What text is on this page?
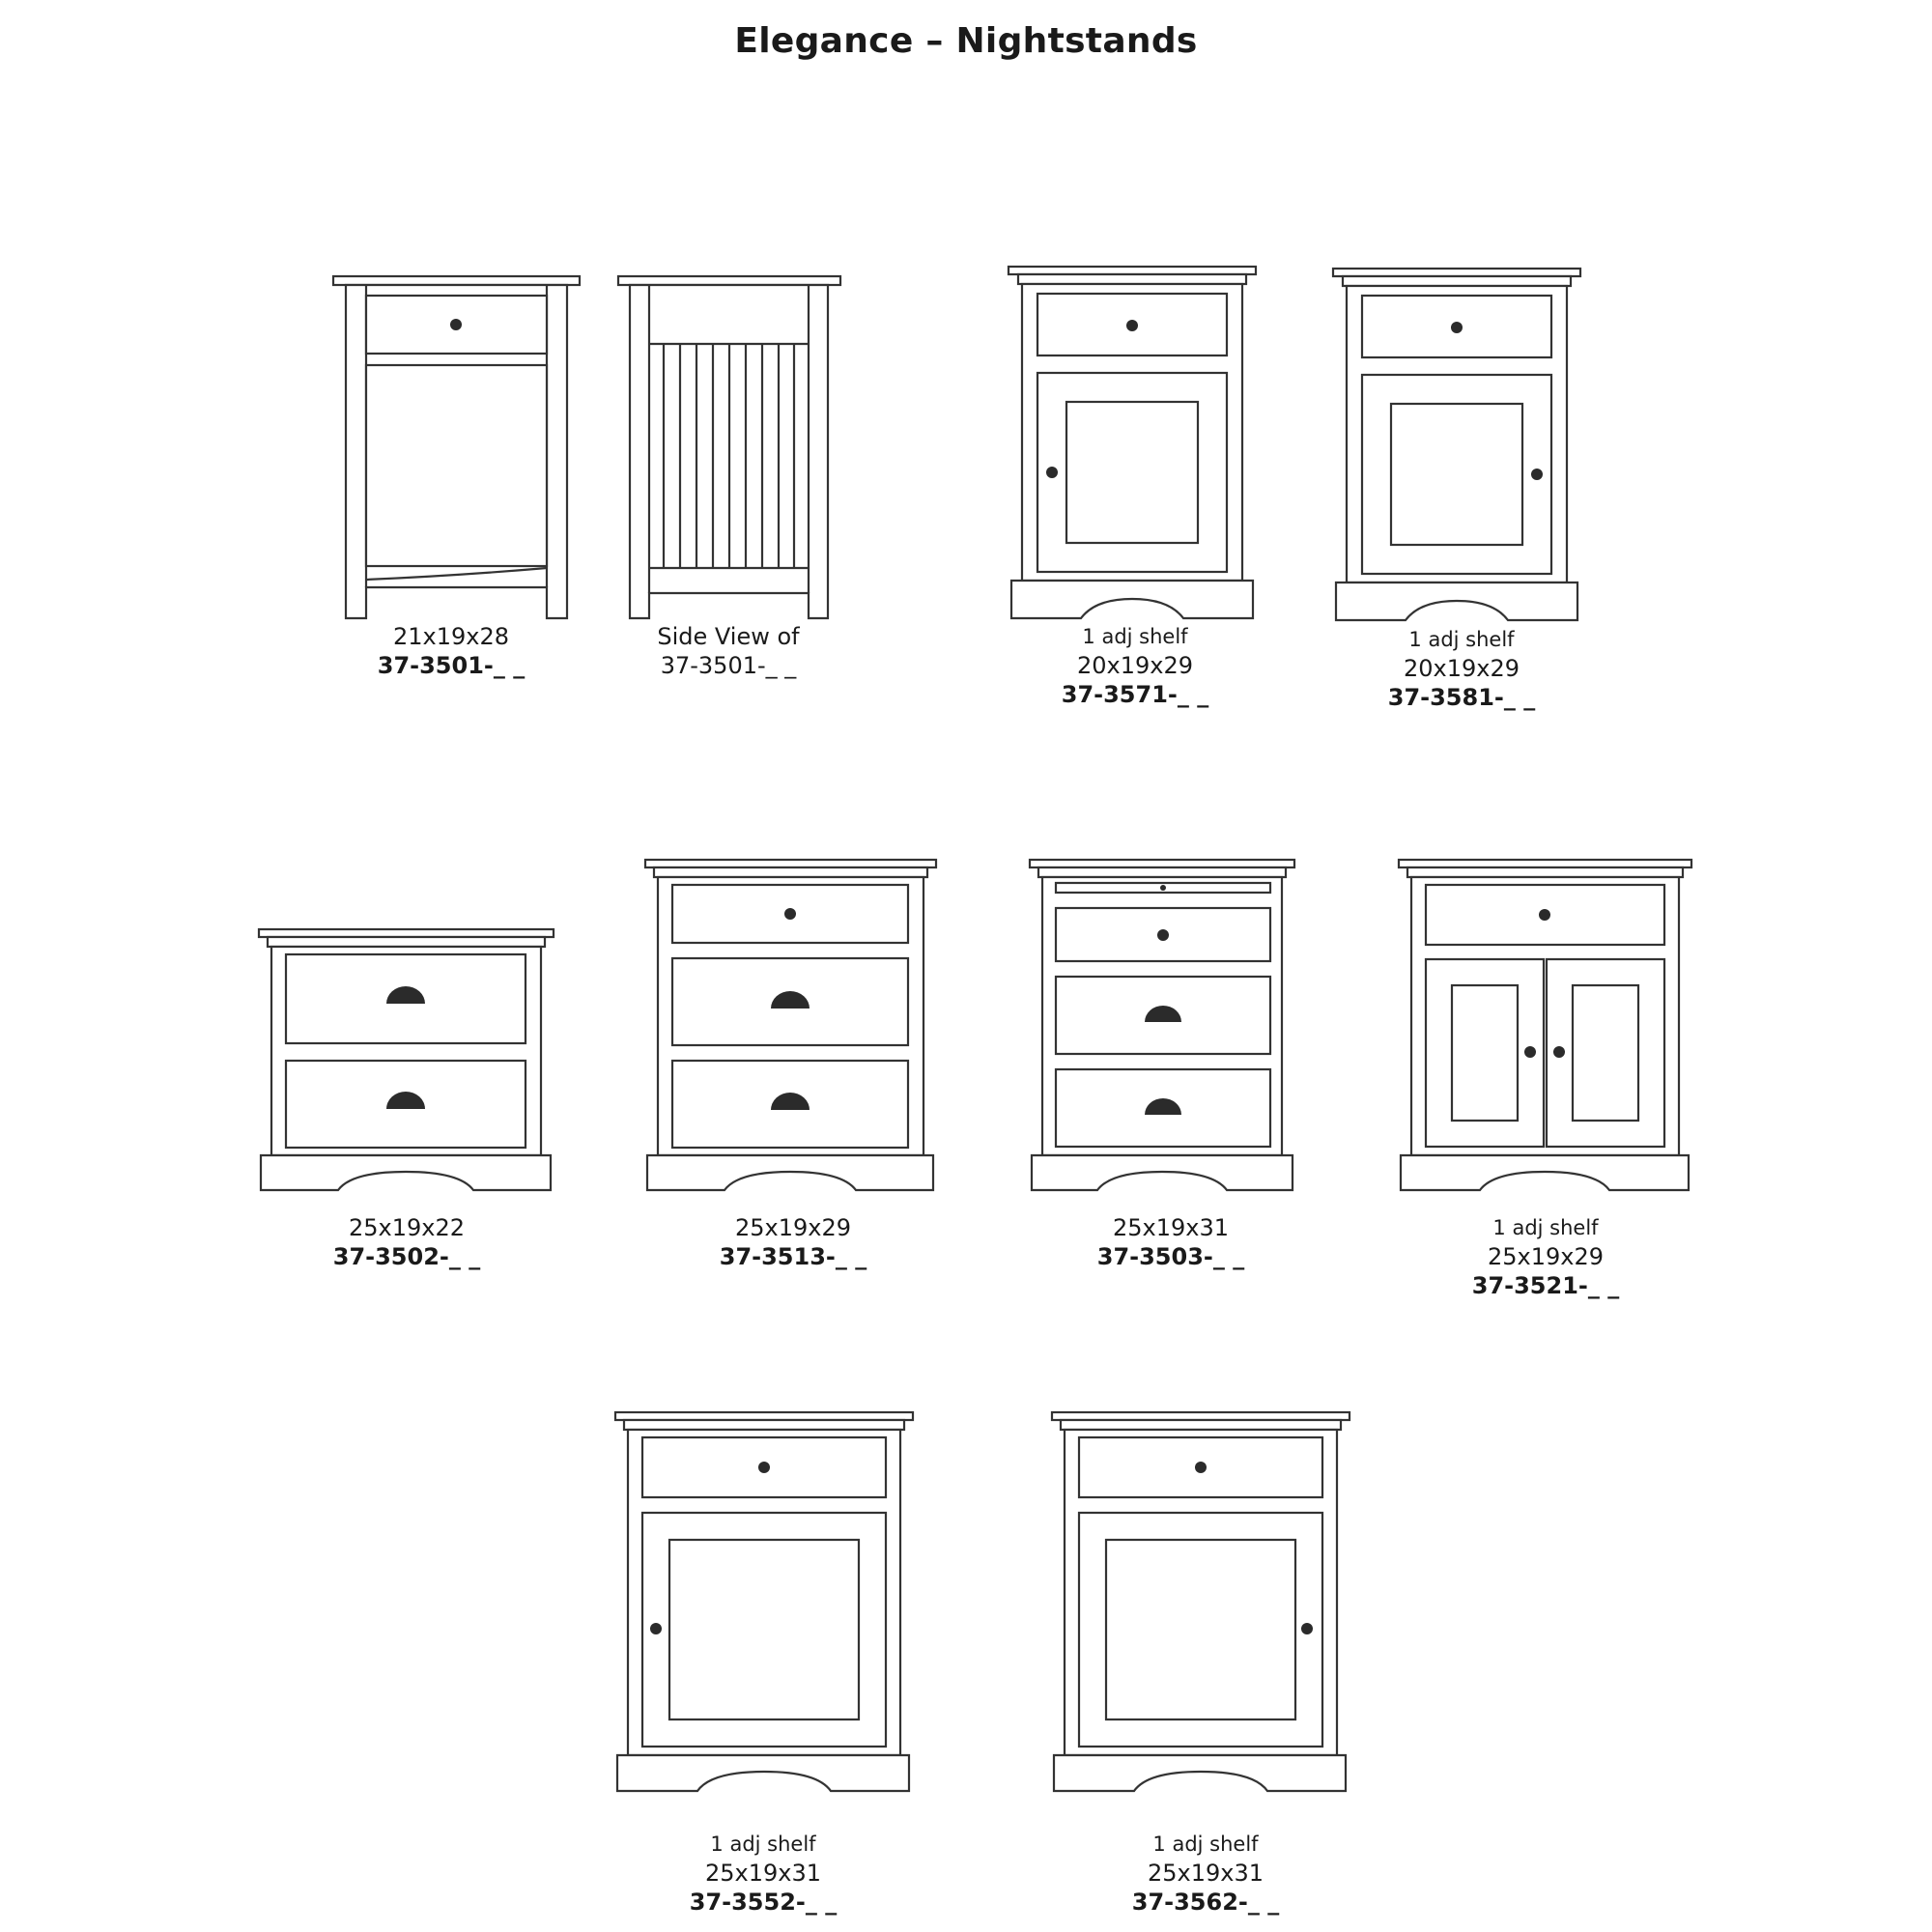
Elegance – Nightstands
21x19x28
37-3501-_ _
Side View of
37-3501-_ _
1 adj shelf
20x19x29
37-3571-_ _
1 adj shelf
20x19x29
37-3581-_ _
25x19x22
37-3502-_ _
25x19x29
37-3513-_ _
25x19x31
37-3503-_ _
1 adj shelf
25x19x29
37-3521-_ _
1 adj shelf
25x19x31
37-3552-_ _
1 adj shelf
25x19x31
37-3562-_ _
